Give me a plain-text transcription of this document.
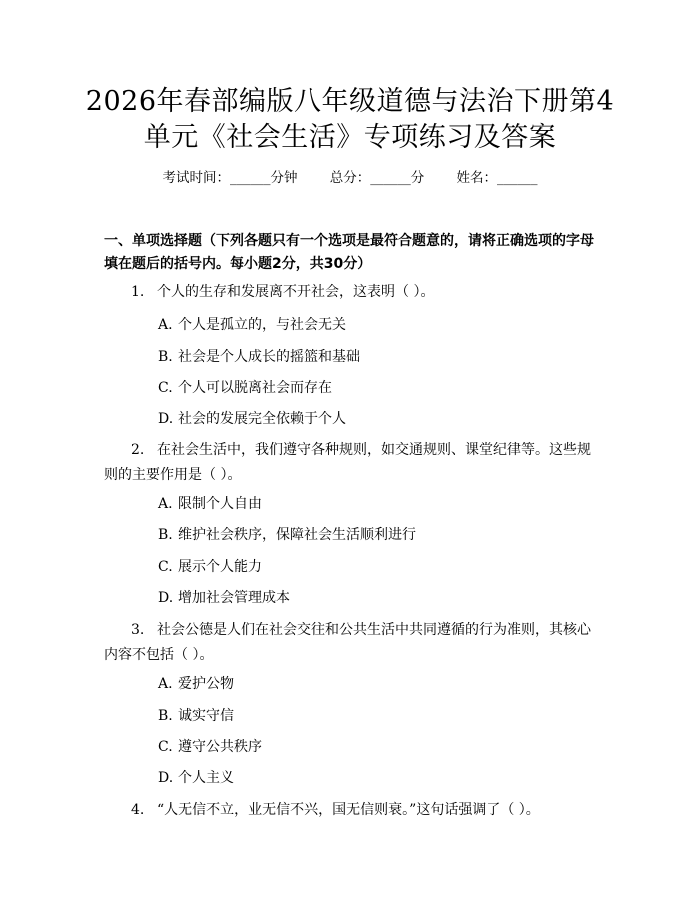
2026年春部编版八年级道德与法治下册第4
单元《社会生活》专项练习及答案
考试时间：______分钟 总分：______分 姓名：______
一、单项选择题（下列各题只有一个选项是最符合题意的，请将正确选项的字母填在题后的括号内。每小题2分，共30分）
1. 个人的生存和发展离不开社会，这表明（ ）。
A. 个人是孤立的，与社会无关
B. 社会是个人成长的摇篮和基础
C. 个人可以脱离社会而存在
D. 社会的发展完全依赖于个人
2. 在社会生活中，我们遵守各种规则，如交通规则、课堂纪律等。这些规则的主要作用是（ ）。
A. 限制个人自由
B. 维护社会秩序，保障社会生活顺利进行
C. 展示个人能力
D. 增加社会管理成本
3. 社会公德是人们在社会交往和公共生活中共同遵循的行为准则，其核心内容不包括（ ）。
A. 爱护公物
B. 诚实守信
C. 遵守公共秩序
D. 个人主义
4. “人无信不立，业无信不兴，国无信则衰。”这句话强调了（ ）。
